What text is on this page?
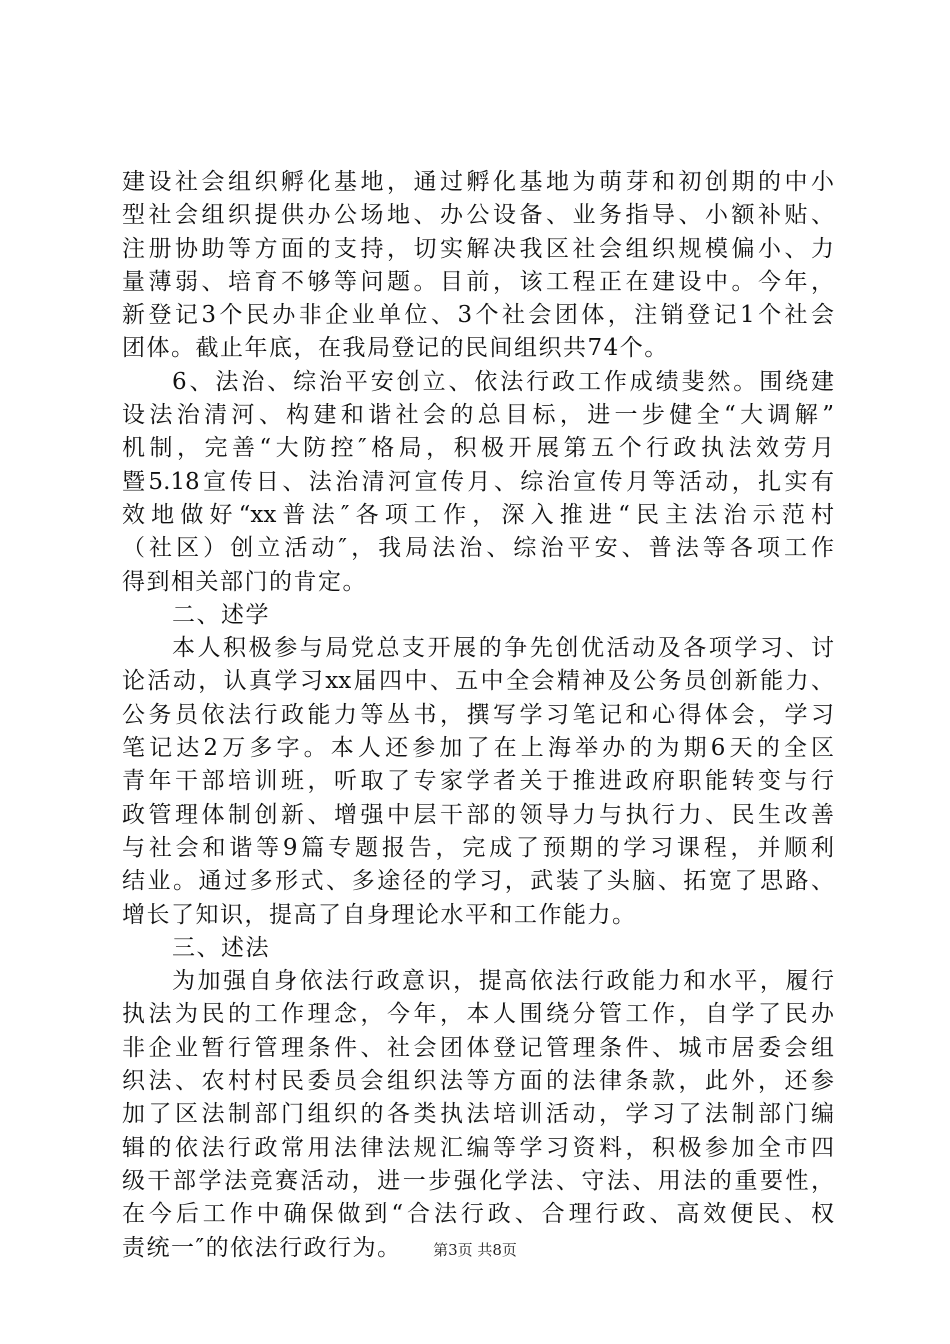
建设社会组织孵化基地，通过孵化基地为萌芽和初创期的中小
型社会组织提供办公场地、办公设备、业务指导、小额补贴、
注册协助等方面的支持，切实解决我区社会组织规模偏小、力
量薄弱、培育不够等问题。目前，该工程正在建设中。今年，
新登记3个民办非企业单位、3个社会团体，注销登记1个社会
团体。截止年底，在我局登记的民间组织共74个。
6、法治、综治平安创立、依法行政工作成绩斐然。围绕建
设法治清河、构建和谐社会的总目标，进一步健全“大调解”
机制，完善“大防控″格局，积极开展第五个行政执法效劳月
暨5.18宣传日、法治清河宣传月、综治宣传月等活动，扎实有
效地做好“xx普法″各项工作，深入推进“民主法治示范村
（社区）创立活动″，我局法治、综治平安、普法等各项工作
得到相关部门的肯定。
二、述学
本人积极参与局党总支开展的争先创优活动及各项学习、讨
论活动，认真学习xx届四中、五中全会精神及公务员创新能力、
公务员依法行政能力等丛书，撰写学习笔记和心得体会，学习
笔记达2万多字。本人还参加了在上海举办的为期6天的全区
青年干部培训班，听取了专家学者关于推进政府职能转变与行
政管理体制创新、增强中层干部的领导力与执行力、民生改善
与社会和谐等9篇专题报告，完成了预期的学习课程，并顺利
结业。通过多形式、多途径的学习，武装了头脑、拓宽了思路、
增长了知识，提高了自身理论水平和工作能力。
三、述法
为加强自身依法行政意识，提高依法行政能力和水平，履行
执法为民的工作理念，今年，本人围绕分管工作，自学了民办
非企业暂行管理条件、社会团体登记管理条件、城市居委会组
织法、农村村民委员会组织法等方面的法律条款，此外，还参
加了区法制部门组织的各类执法培训活动，学习了法制部门编
辑的依法行政常用法律法规汇编等学习资料，积极参加全市四
级干部学法竞赛活动，进一步强化学法、守法、用法的重要性，
在今后工作中确保做到“合法行政、合理行政、高效便民、权
责统一″的依法行政行为。	第3页 共8页
